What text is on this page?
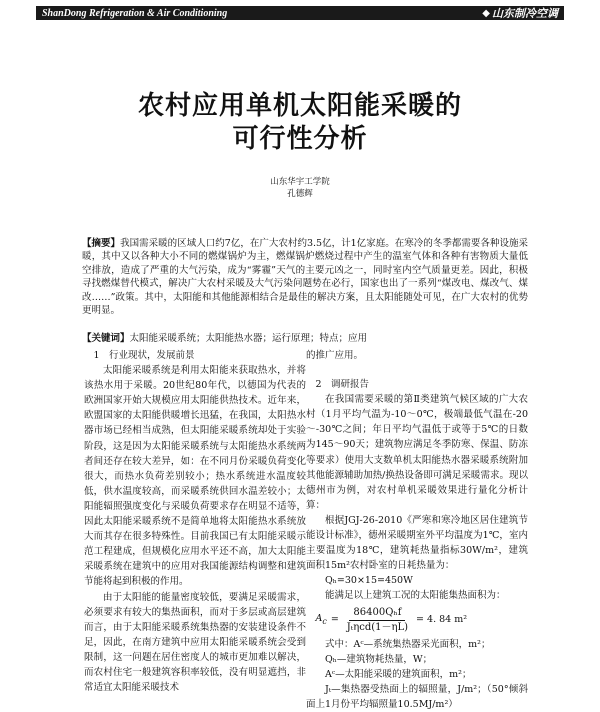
ShanDong Refrigeration & Air Conditioning	◆ 山东制冷空调
农村应用单机太阳能采暖的
可行性分析
山东华宇工学院
孔德辉
【摘要】我国需采暖的区域人口约7亿，在广大农村约3.5亿，计1亿家庭。在寒冷的冬季都需要各种设施采暖，其中又以各种大小不同的燃煤锅炉为主，燃煤锅炉燃烧过程中产生的温室气体和各种有害物质大量低空排放，造成了严重的大气污染，成为“雾霾”天气的主要元凶之一，同时室内空气质量更差。因此，积极寻找燃煤替代模式，解决广大农村采暖及大气污染问题势在必行，国家也出了一系列“煤改电、煤改气、煤改……”政策。其中，太阳能和其他能源相结合是最佳的解决方案，且太阳能随处可见，在广大农村的优势更明显。
【关键词】太阳能采暖系统；太阳能热水器；运行原理；特点；应用

1　行业现状，发展前景

太阳能采暖系统是利用太阳能来获取热水，并将该热水用于采暖。20世纪80年代，以德国为代表的欧洲国家开始大规模应用太阳能供热技术。近年来，欧盟国家的太阳能供暖增长迅猛，在我国，太阳热水器市场已经相当成熟，但太阳能采暖系统却处于实验阶段，这是因为太阳能采暖系统与太阳能热水系统两者间还存在较大差异，如：在不同月份采暖负荷变化很大，而热水负荷差别较小；热水系统进水温度较低，供水温度较高，而采暖系统供回水温差较小；太阳能辐照强度变化与采暖负荷要求存在明显不适等，因此太阳能采暖系统不是简单地将太阳能热水系统放大而其存在很多特殊性。目前我国已有太阳能采暖示范工程建成，但规模化应用水平还不高，加大太阳能采暖系统在建筑中的应用对我国能源结构调整和建筑节能将起到积极的作用。

由于太阳能的能量密度较低，要满足采暖需求，必须要求有较大的集热面积，而对于多层或高层建筑而言，由于太阳能采暖系统集热器的安装建设条件不足，因此，在南方建筑中应用太阳能采暖系统会受到限制，这一问题在居住密度人的城市更加难以解决，而农村住宅一般建筑容积率较低，没有明显遮挡，非常适宜太阳能采暖技术

的推广应用。

2　调研报告

在我国需要采暖的第Ⅱ类建筑气候区域的广大农村（1月平均气温为-10～0℃，极端最低气温在-20～-30℃之间；年日平均气温低于或等于5℃的日数为145～90天；建筑物应满足冬季防寒、保温、防冻等要求）使用大支数单机太阳能热水器采暖系统附加其他能源辅助加热/换热设备即可满足采暖需求。现以德州市为例，对农村单机采暖效果进行量化分析计算：

根据JGJ-26-2010《严寒和寒冷地区居住建筑节能设计标准》，德州采暖期室外平均温度为1℃，室内主要温度为18℃，建筑耗热量指标30W/m²，建筑面积15m²农村卧室的日耗热量为：

Qₕ=30×15=450W

能满足以上建筑工况的太阳能集热面积为：

$A_c = \frac{\text{86400Qₕf}}{\text{Jₜηcd(1－ηL)}} = 4$. 84 m²

式中：Aᶜ—系统集热器采光面积，m²；

Qₕ—建筑物耗热量，W；

Aᶜ—太阳能采暖的建筑面积，m²；

Jₜ—集热器受热面上的辐照量，J/m²；（50°倾斜面上1月份平均辐照量10.5MJ/m²）
